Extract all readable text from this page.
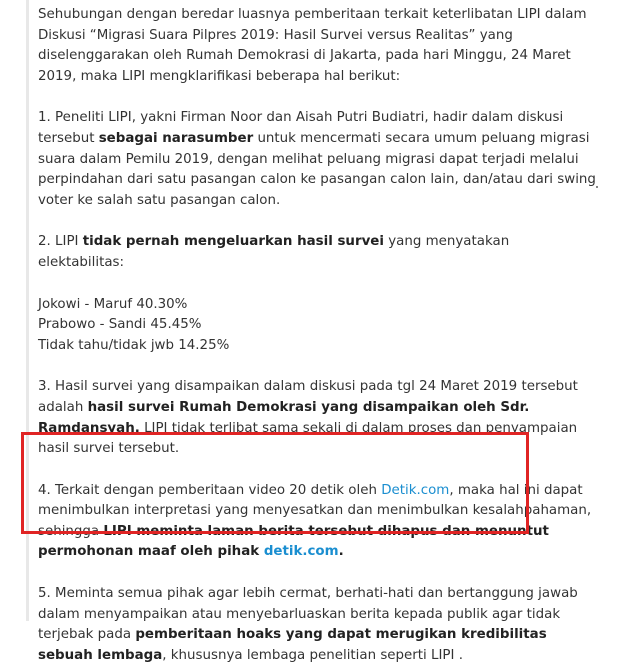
Sehubungan dengan beredar luasnya pemberitaan terkait keterlibatan LIPI dalam Diskusi “Migrasi Suara Pilpres 2019: Hasil Survei versus Realitas” yang diselenggarakan oleh Rumah Demokrasi di Jakarta, pada hari Minggu, 24 Maret 2019, maka LIPI mengklarifikasi beberapa hal berikut:

1. Peneliti LIPI, yakni Firman Noor dan Aisah Putri Budiatri, hadir dalam diskusi tersebut sebagai narasumber untuk mencermati secara umum peluang migrasi suara dalam Pemilu 2019, dengan melihat peluang migrasi dapat terjadi melalui perpindahan dari satu pasangan calon ke pasangan calon lain, dan/atau dari swing voter ke salah satu pasangan calon.

2. LIPI tidak pernah mengeluarkan hasil survei yang menyatakan elektabilitas:

Jokowi - Maruf 40.30%

Prabowo - Sandi 45.45%

Tidak tahu/tidak jwb 14.25%

3. Hasil survei yang disampaikan dalam diskusi pada tgl 24 Maret 2019 tersebut adalah hasil survei Rumah Demokrasi yang disampaikan oleh Sdr. Ramdansyah. LIPI tidak terlibat sama sekali di dalam proses dan penyampaian hasil survei tersebut.

4. Terkait dengan pemberitaan video 20 detik oleh Detik.com, maka hal ini dapat menimbulkan interpretasi yang menyesatkan dan menimbulkan kesalahpahaman, sehingga LIPI meminta laman berita tersebut dihapus dan menuntut permohonan maaf oleh pihak detik.com.

5. Meminta semua pihak agar lebih cermat, berhati-hati dan bertanggung jawab dalam menyampaikan atau menyebarluaskan berita kepada publik agar tidak terjebak pada pemberitaan hoaks yang dapat merugikan kredibilitas sebuah lembaga, khususnya lembaga penelitian seperti LIPI .
